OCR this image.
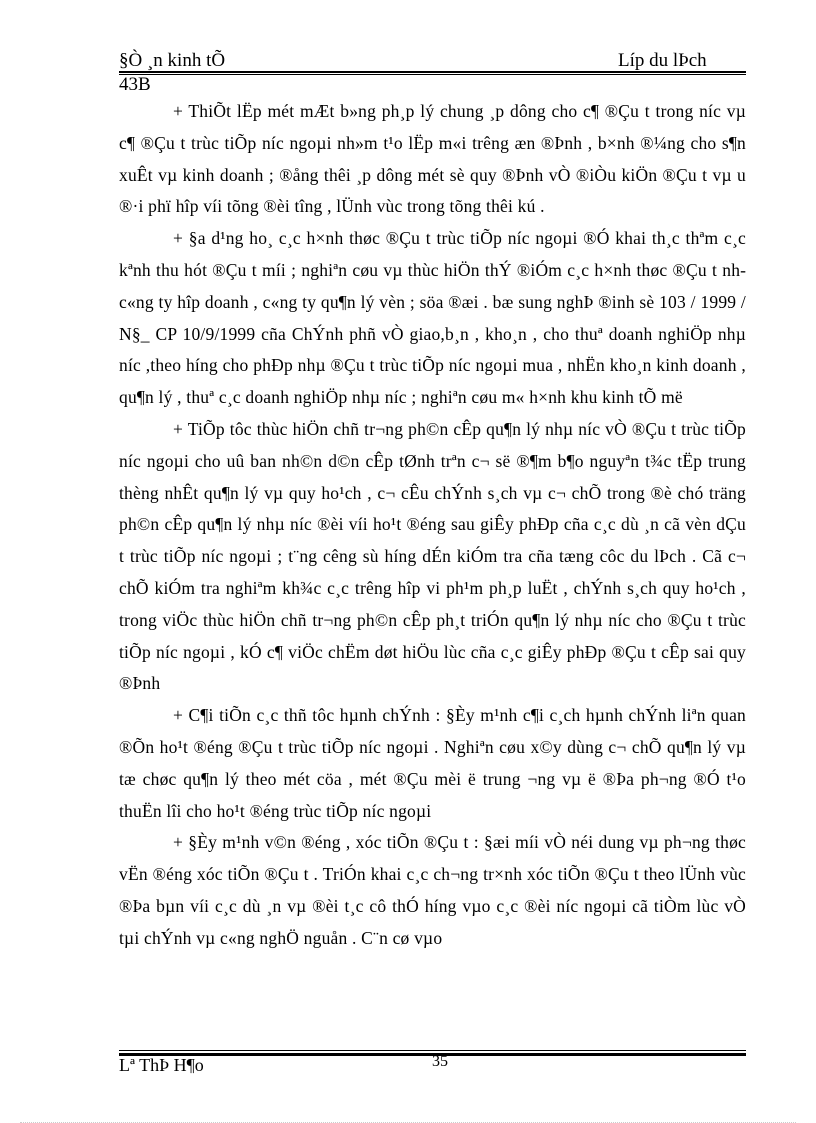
§Ò ¸n kinh tÕ	Líp du lÞch
43B

+ ThiÕt lËp mét mÆt b»ng ph¸p lý chung ¸p dông cho c¶ ®Çu t trong níc vµ c¶ ®Çu t trùc tiÕp níc ngoµi nh»m t¹o lËp m«i trêng æn ®Þnh , b×nh ®¼ng cho s¶n xuÊt vµ kinh doanh ; ®ång thêi ¸p dông mét sè quy ®Þnh vÒ ®iÒu kiÖn ®Çu t vµ u ®·i phï hîp víi tõng ®èi tîng , lÜnh vùc trong tõng thêi kú .

+ §a d¹ng ho¸ c¸c h×nh thøc ®Çu t trùc tiÕp níc ngoµi ®Ó khai th¸c thªm c¸c kªnh thu hót ®Çu t míi ; nghiªn cøu vµ thùc hiÖn thÝ ®iÓm c¸c h×nh thøc ®Çu t nh c«ng ty hîp doanh , c«ng ty qu¶n lý vèn ; söa ®æi . bæ sung nghÞ ®inh sè 103 / 1999 / N§_ CP 10/9/1999 cña ChÝnh phñ vÒ giao,b¸n , kho¸n , cho thuª doanh nghiÖp nhµ níc ,theo híng cho phÐp nhµ ®Çu t trùc tiÕp níc ngoµi mua , nhËn kho¸n kinh doanh , qu¶n lý , thuª c¸c doanh nghiÖp nhµ níc ; nghiªn cøu m« h×nh khu kinh tÕ më

+ TiÕp tôc thùc hiÖn chñ tr¬ng ph©n cÊp qu¶n lý nhµ níc vÒ ®Çu t trùc tiÕp níc ngoµi cho uû ban nh©n d©n cÊp tØnh trªn c¬ së ®¶m b¶o nguyªn t¾c tËp trung thèng nhÊt qu¶n lý vµ quy ho¹ch , c¬ cÊu chÝnh s¸ch vµ c¬ chÕ trong ®è chó träng ph©n cÊp qu¶n lý nhµ níc ®èi víi ho¹t ®éng sau giÊy phÐp cña c¸c dù ¸n cã vèn dÇu t trùc tiÕp níc ngoµi ; t¨ng cêng sù híng dÉn kiÓm tra cña tæng côc du lÞch . Cã c¬ chÕ kiÓm tra nghiªm kh¾c c¸c trêng hîp vi ph¹m ph¸p luËt , chÝnh s¸ch quy ho¹ch , trong viÖc thùc hiÖn chñ tr¬ng ph©n cÊp ph¸t triÓn qu¶n lý nhµ níc cho ®Çu t trùc tiÕp níc ngoµi , kÓ c¶ viÖc chËm døt hiÖu lùc cña c¸c giÊy phÐp ®Çu t cÊp sai quy ®Þnh

+ C¶i tiÕn c¸c thñ tôc hµnh chÝnh : §Èy m¹nh c¶i c¸ch hµnh chÝnh liªn quan ®Õn ho¹t ®éng ®Çu t trùc tiÕp níc ngoµi . Nghiªn cøu x©y dùng c¬ chÕ qu¶n lý vµ tæ chøc qu¶n lý theo mét cöa , mét ®Çu mèi ë trung ¬ng vµ ë ®Þa ph¬ng ®Ó t¹o thuËn lîi cho ho¹t ®éng trùc tiÕp níc ngoµi

+ §Èy m¹nh v©n ®éng , xóc tiÕn ®Çu t : §æi míi vÒ néi dung vµ ph¬ng thøc vËn ®éng xóc tiÕn ®Çu t . TriÓn khai c¸c ch¬ng tr×nh xóc tiÕn ®Çu t theo lÜnh vùc ®Þa bµn víi c¸c dù ¸n vµ ®èi t¸c cô thÓ híng vµo c¸c ®èi níc ngoµi cã tiÒm lùc vÒ tµi chÝnh vµ c«ng nghÖ nguån . C¨n cø vµo

Lª ThÞ H¶o	35
